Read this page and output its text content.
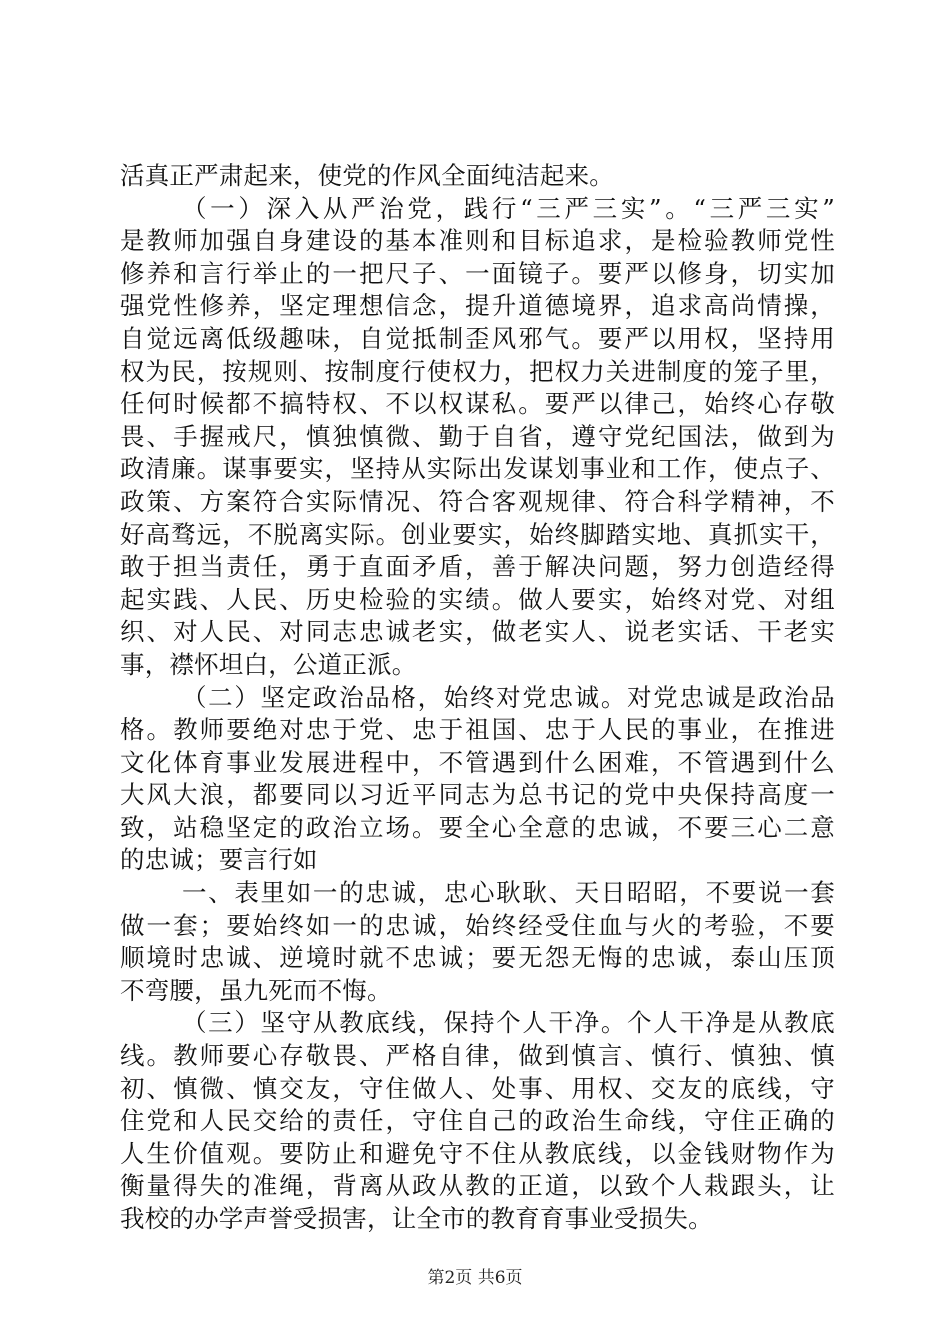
活真正严肃起来，使党的作风全面纯洁起来。
（一）深入从严治党，践行“三严三实”。“三严三实”
是教师加强自身建设的基本准则和目标追求，是检验教师党性
修养和言行举止的一把尺子、一面镜子。要严以修身，切实加
强党性修养，坚定理想信念，提升道德境界，追求高尚情操，
自觉远离低级趣味，自觉抵制歪风邪气。要严以用权，坚持用
权为民，按规则、按制度行使权力，把权力关进制度的笼子里，
任何时候都不搞特权、不以权谋私。要严以律己，始终心存敬
畏、手握戒尺，慎独慎微、勤于自省，遵守党纪国法，做到为
政清廉。谋事要实，坚持从实际出发谋划事业和工作，使点子、
政策、方案符合实际情况、符合客观规律、符合科学精神，不
好高骛远，不脱离实际。创业要实，始终脚踏实地、真抓实干，
敢于担当责任，勇于直面矛盾，善于解决问题，努力创造经得
起实践、人民、历史检验的实绩。做人要实，始终对党、对组
织、对人民、对同志忠诚老实，做老实人、说老实话、干老实
事，襟怀坦白，公道正派。
（二）坚定政治品格，始终对党忠诚。对党忠诚是政治品
格。教师要绝对忠于党、忠于祖国、忠于人民的事业，在推进
文化体育事业发展进程中，不管遇到什么困难，不管遇到什么
大风大浪，都要同以习近平同志为总书记的党中央保持高度一
致，站稳坚定的政治立场。要全心全意的忠诚，不要三心二意
的忠诚；要言行如
一、表里如一的忠诚，忠心耿耿、天日昭昭，不要说一套
做一套；要始终如一的忠诚，始终经受住血与火的考验，不要
顺境时忠诚、逆境时就不忠诚；要无怨无悔的忠诚，泰山压顶
不弯腰，虽九死而不悔。
（三）坚守从教底线，保持个人干净。个人干净是从教底
线。教师要心存敬畏、严格自律，做到慎言、慎行、慎独、慎
初、慎微、慎交友，守住做人、处事、用权、交友的底线，守
住党和人民交给的责任，守住自己的政治生命线，守住正确的
人生价值观。要防止和避免守不住从教底线，以金钱财物作为
衡量得失的准绳，背离从政从教的正道，以致个人栽跟头，让
我校的办学声誉受损害，让全市的教育育事业受损失。
第2页 共6页
